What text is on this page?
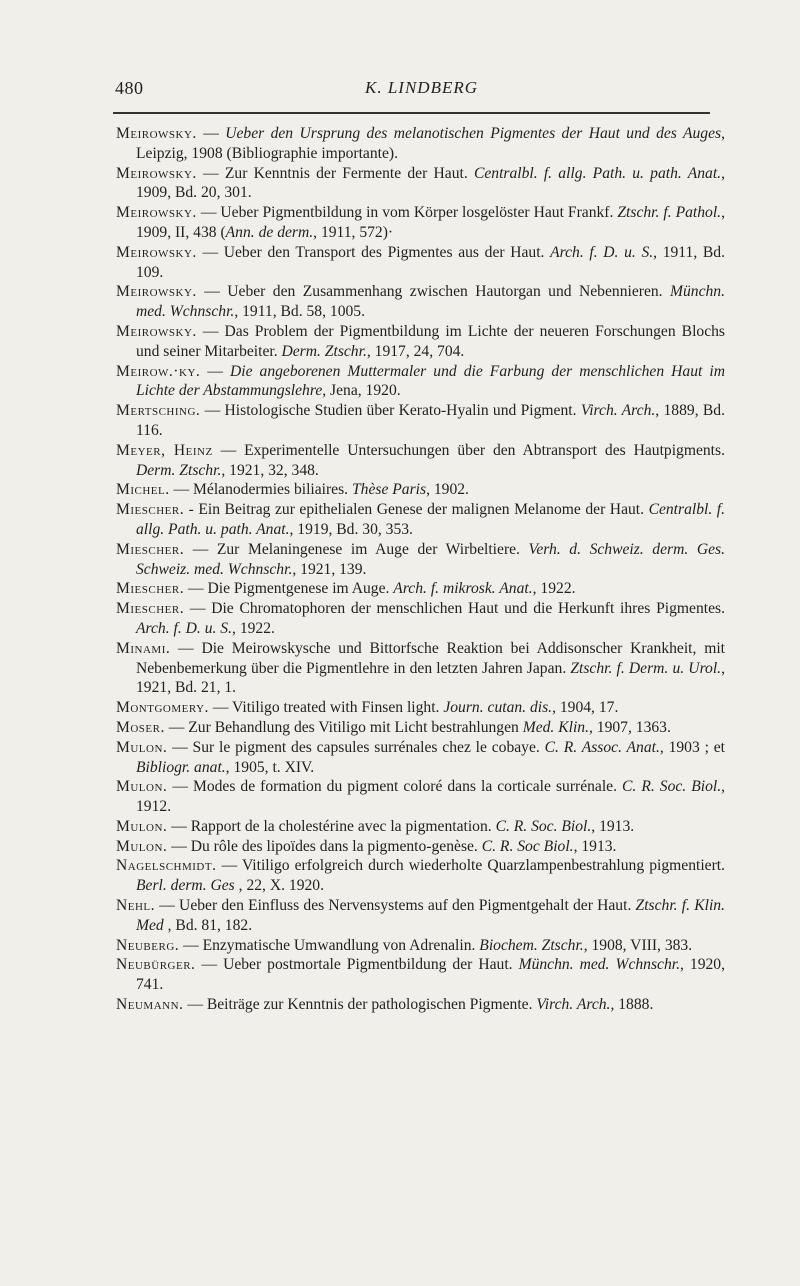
480	K. LINDBERG
Meirowsky. — Ueber den Ursprung des melanotischen Pigmentes der Haut und des Auges, Leipzig, 1908 (Bibliographie importante).
Meirowsky. — Zur Kenntnis der Fermente der Haut. Centralbl. f. allg. Path. u. path. Anat., 1909, Bd. 20, 301.
Meirowsky. — Ueber Pigmentbildung in vom Körper losgelöster Haut Frankf. Ztschr. f. Pathol., 1909, II, 438 (Ann. de derm., 1911, 572)·
Meirowsky. — Ueber den Transport des Pigmentes aus der Haut. Arch. f. D. u. S., 1911, Bd. 109.
Meirowsky. — Ueber den Zusammenhang zwischen Hautorgan und Nebennieren. Münchn. med. Wchnschr., 1911, Bd. 58, 1005.
Meirowsky. — Das Problem der Pigmentbildung im Lichte der neueren Forschungen Blochs und seiner Mitarbeiter. Derm. Ztschr., 1917, 24, 704.
Meirow.·ky. — Die angeborenen Muttermaler und die Farbung der menschlichen Haut im Lichte der Abstammungslehre, Jena, 1920.
Mertsching. — Histologische Studien über Kerato-Hyalin und Pigment. Virch. Arch., 1889, Bd. 116.
Meyer, Heinz — Experimentelle Untersuchungen über den Abtransport des Hautpigments. Derm. Ztschr., 1921, 32, 348.
Michel. — Mélanodermies biliaires. Thèse Paris, 1902.
Miescher. - Ein Beitrag zur epithelialen Genese der malignen Melanome der Haut. Centralbl. f. allg. Path. u. path. Anat., 1919, Bd. 30, 353.
Miescher. — Zur Melaningenese im Auge der Wirbeltiere. Verh. d. Schweiz. derm. Ges. Schweiz. med. Wchnschr., 1921, 139.
Miescher. — Die Pigmentgenese im Auge. Arch. f. mikrosk. Anat., 1922.
Miescher. — Die Chromatophoren der menschlichen Haut und die Herkunft ihres Pigmentes. Arch. f. D. u. S., 1922.
Minami. — Die Meirowskysche und Bittorfsche Reaktion bei Addisonscher Krankheit, mit Nebenbemerkung über die Pigmentlehre in den letzten Jahren Japan. Ztschr. f. Derm. u. Urol., 1921, Bd. 21, 1.
Montgomery. — Vitiligo treated with Finsen light. Journ. cutan. dis., 1904, 17.
Moser. — Zur Behandlung des Vitiligo mit Licht bestrahlungen Med. Klin., 1907, 1363.
Mulon. — Sur le pigment des capsules surrénales chez le cobaye. C. R. Assoc. Anat., 1903 ; et Bibliogr. anat., 1905, t. XIV.
Mulon. — Modes de formation du pigment coloré dans la corticale surrénale. C. R. Soc. Biol., 1912.
Mulon. — Rapport de la cholestérine avec la pigmentation. C. R. Soc. Biol., 1913.
Mulon. — Du rôle des lipoïdes dans la pigmento-genèse. C. R. Soc Biol., 1913.
Nagelschmidt. — Vitiligo erfolgreich durch wiederholte Quarzlampenbestrahlung pigmentiert. Berl. derm. Ges , 22, X. 1920.
Nehl. — Ueber den Einfluss des Nervensystems auf den Pigmentgehalt der Haut. Ztschr. f. Klin. Med , Bd. 81, 182.
Neuberg. — Enzymatische Umwandlung von Adrenalin. Biochem. Ztschr., 1908, VIII, 383.
Neubürger. — Ueber postmortale Pigmentbildung der Haut. Münchn. med. Wchnschr., 1920, 741.
Neumann. — Beiträge zur Kenntnis der pathologischen Pigmente. Virch. Arch., 1888.
